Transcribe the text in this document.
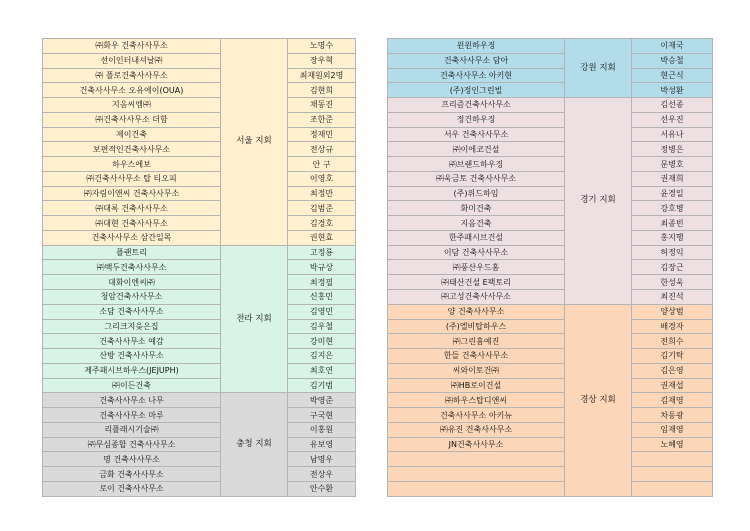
㈜화우 건축사사무소	서울 지회	노명수
선이인터내셔날㈜		장우혁
㈜ 플로건축사사무소		최재원외2명
건축사사무소 오유에이(OUA)		김현희
지음씨엠㈜		채동진
㈜건축사사무소 더함		조한준
제이건축		정재민
보편적인건축사사무소		전상규
하우스에보		안 구
㈜건축사사무소 탑 티오피		이영호
㈜자림이앤씨 건축사사무소		최정만
㈜대록 건축사사무소		김범준
㈜대현 건축사사무소		김경호
건축사사무소 삼간일목		권현효
플랜트리	전라 지회	고정룡
㈜백두건축사사무소		박규상
대화이엔씨㈜		최정필
청암건축사사무소		신홍민
소담 건축사사무소		김영민
그리크지읒은집		김우철
건축사사무소 예감		강미현
산방 건축사사무소		김지은
제주패시브하우스(JEJUPH)		최호연
㈜이든건축		김기범
건축사사무소 나무	충청 지회	박영준
건축사사무소 마루		구국현
리플래시기술㈜		이홍원
㈜무심종합 건축사사무소		유보영
명 건축사사무소		남명우
금화 건축사사무소		전상우
로이 건축사사무소		안수환
윈윈하우징	강원 지회	이재국
건축사사무소 담아		박승철
건축사사무소 아키현		현근식
(주)정인그린빌		박성환
프리즘건축사사무소	경기 지회	김선종
정건하우징		선우진
서우 건축사사무소		서유나
㈜이에코건설		정병은
㈜브랜드하우징		문병호
㈜욱금토 건축사사무소		권재희
(주)위드하임		윤경일
화미건축		강호병
지음건축		최종빈
한주패시브건설		홍지행
이담 건축사사무소		허정익
㈜풍산우드홈		김장근
㈜태산건설 E팩토리		한성욱
㈜고성건축사사무소		최진석
양 건축사사무소	경상 지회	양상범
(주)엘비탑하우스		배경자
㈜그린홈예진		전희수
한들 건축사사무소		김기탁
씨와이토건㈜		김은영
㈜HB로이건설		권재섭
㈜하우스탑디앤씨		김재영
건축사사무소 아키뉴		차동광
㈜유진 건축사사무소		임재영
JN건축사사무소		노혜영
